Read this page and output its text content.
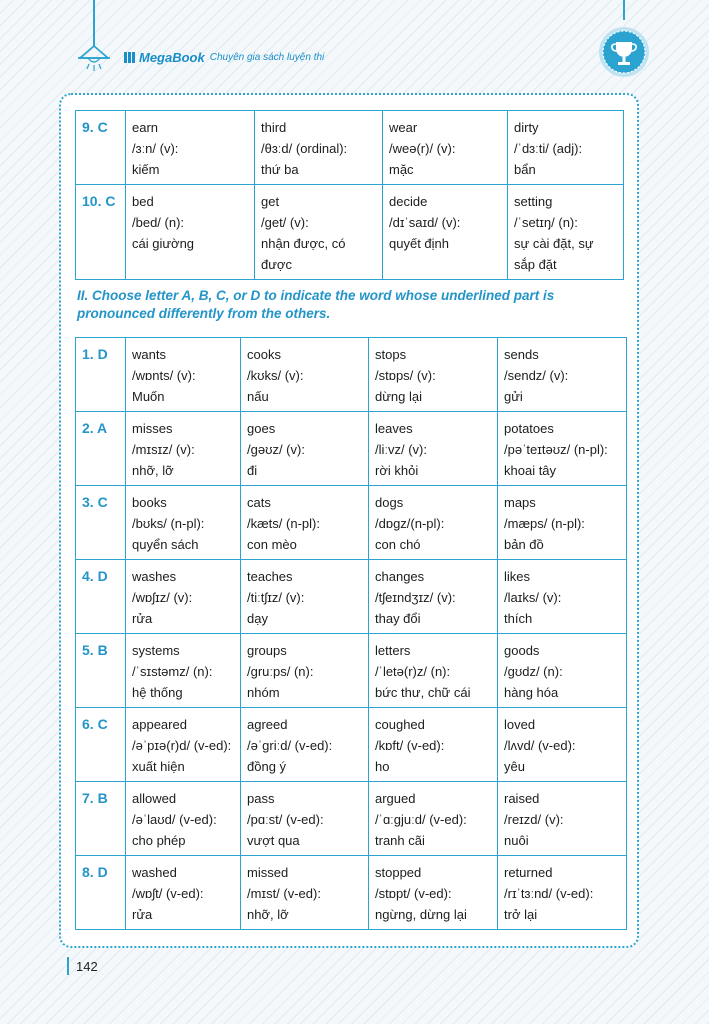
MegaBook Chuyên gia sách luyện thi
9. C	earn
/ɜːn/ (v):
kiếm	third
/θɜːd/ (ordinal):
thứ ba	wear
/weə(r)/ (v):
mặc	dirty
/ˈdɜːti/ (adj):
bẩn

10. C	bed
/bed/ (n):
cái giường	get
/ɡet/ (v):
nhận được, có được	decide
/dɪˈsaɪd/ (v):
quyết định	setting
/ˈsetɪŋ/ (n):
sự cài đặt, sự sắp đặt
II. Choose letter A, B, C, or D to indicate the word whose underlined part is pronounced differently from the others.
1. D	wants
/wɒnts/ (v):
Muốn	cooks
/kʊks/ (v):
nấu	stops
/stɒps/ (v):
dừng lại	sends
/sendz/ (v):
gửi

2. A	misses
/mɪsɪz/ (v):
nhỡ, lỡ	goes
/ɡəʊz/ (v):
đi	leaves
/liːvz/ (v):
rời khỏi	potatoes
/pəˈteɪtəʊz/ (n-pl):
khoai tây

3. C	books
/bʊks/ (n-pl):
quyển sách	cats
/kæts/ (n-pl):
con mèo	dogs
/dɒɡz/(n-pl):
con chó	maps
/mæps/ (n-pl):
bản đồ

4. D	washes
/wɒʃɪz/ (v):
rửa	teaches
/tiːtʃɪz/ (v):
dạy	changes
/tʃeɪndʒɪz/ (v):
thay đổi	likes
/laɪks/ (v):
thích

5. B	systems
/ˈsɪstəmz/ (n):
hệ thống	groups
/ɡruːps/ (n):
nhóm	letters
/ˈletə(r)z/ (n):
bức thư, chữ cái	goods
/ɡʊdz/ (n):
hàng hóa

6. C	appeared
/əˈpɪə(r)d/ (v-ed):
xuất hiện	agreed
/əˈɡriːd/ (v-ed):
đồng ý	coughed
/kɒft/ (v-ed):
ho	loved
/lʌvd/ (v-ed):
yêu

7. B	allowed
/əˈlaʊd/ (v-ed):
cho phép	pass
/pɑːst/ (v-ed):
vượt qua	argued
/ˈɑːɡjuːd/ (v-ed):
tranh cãi	raised
/reɪzd/ (v):
nuôi

8. D	washed
/wɒʃt/ (v-ed):
rửa	missed
/mɪst/ (v-ed):
nhỡ, lỡ	stopped
/stɒpt/ (v-ed):
ngừng, dừng lại	returned
/rɪˈtɜːnd/ (v-ed):
trở lại
142
